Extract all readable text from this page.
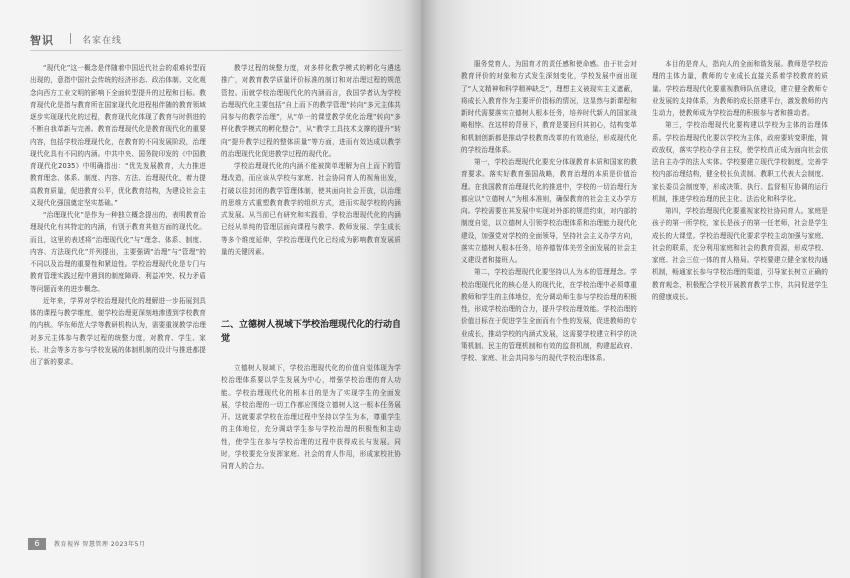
智识	名家在线

“现代化”这一概念是伴随着中国近代社会的艰难转型而出现的，意指中国社会传统的经济形态、政治体制、文化观念向西方工业文明的影响下全面转型提升的过程和目标。教育现代化是指与教育所在国家现代化进程相伴随的教育领域逐步实现现代化的过程，教育现代化体现了教育与时俱进的不断自我革新与完善。教育治理现代化是教育现代化的重要内容，包括学校治理现代化，在教育的不同发展阶段，治理现代化具有不同的内涵。中共中央、国务院印发的《中国教育现代化2035》中明确指出：“优先发展教育，大力推进教育理念、体系、制度、内容、方法、治理现代化，着力提高教育质量，促进教育公平，优化教育结构，为建设社会主义现代化强国奠定坚实基础。”

“治理现代化”是作为一种独立概念提出的，表明教育治理现代化有其特定的内涵，有别于教育其他方面的现代化。而且，这里的表述将“治理现代化”与“理念、体系、制度、内容、方法现代化”并列提出，主要强调“治理”与“管理”的不同以及治理的重要性和紧迫性。学校治理现代化是专门与教育管理实践过程中遇到的制度障碍、利益冲突、权力矛盾等问题而来的进步概念。

近年来，学界对学校治理现代化的理解进一步拓展到具体的课程与教学维度，便学校治理更深刻地渗透到学校教育的内核。华东师范大学等教研机构认为，需要重视教学治理对多元主体参与教学过程的统整力度，对教育、学生、家长、社会等多方参与学校发展的体制机制的设计与推进都提出了新的要求。

教学过程的统整力度，对多样化教学模式的孵化与遴选推广，对教育教学质量评价标准的制订和对治理过程的规范管控。而就学校治理现代化的内涵而言，我国学者认为学校治理现代化主要包括“自上而下的教学管理”转向“多元主体共同参与的教学治理”，从“单一的课堂教学优化治理”转向“多样化教学模式的孵化整合”，从“教学工具技术支撑的提升”转向“提升教学过程的整体质量”等方面，进而有效达成以教学的治理现代化促进教学过程的现代化。

学校治理现代化的内涵不能被简单理解为自上而下的管理改造，而应该从学校与家庭、社会协同育人的视角出发，打破以往封闭的教学管理体制，使其面向社会开放，以治理的思维方式重塑教育教学的组织方式，进而实现学校的内涵式发展。从当前已有研究和实践看，学校治理现代化的内涵已经从单纯的管理层面向课程与教学、教师发展、学生成长等多个维度延伸，学校治理现代化已经成为影响教育发展质量的关键因素。

二、立德树人视域下学校治理现代化的行动自觉

立德树人视域下，学校治理现代化的价值自觉体现为学校治理体系要以学生发展为中心，增强学校治理的育人功能。学校治理现代化的根本目的是为了实现学生的全面发展，学校治理的一切工作都应围绕立德树人这一根本任务展开。这就要求学校在治理过程中坚持以学生为本，尊重学生的主体地位，充分调动学生参与学校治理的积极性和主动性，使学生在参与学校治理的过程中获得成长与发展。同时，学校要充分发挥家庭、社会的育人作用，形成家校社协同育人的合力。

6	教育视界 智慧管理 2023年5月

服务党育人、为国育才的责任感和使命感。由于社会对教育评价的对象和方式发生深刻变化，学校发展中面出现了“人文精神和科学精神缺乏”，理想主义被现实主义遮蔽，将成长入教育作为主要评价指标的情况，这显然与新课程和新时代需要落实立德树人根本任务，培养时代新人的国家战略相悖。在这样的背景下，教育是要回归其初心，结构变革和机制创新都是推动学校教育改革的有效途径，形成现代化的学校治理体系。

第一，学校治理现代化要充分体现教育本质和国家的教育要求。落实好教育强国战略，教育治理的本质是价值治理。在我国教育治理现代化的推进中，学校的一切治理行为都应以“立德树人”为根本准则，确保教育的社会主义办学方向。学校需要在其发展中实现对外部的规范约束，对内部的制度自觉，以立德树人引领学校治理体系和治理能力现代化建设，加强党对学校的全面领导，坚持社会主义办学方向，落实立德树人根本任务，培养德智体美劳全面发展的社会主义建设者和接班人。

第二，学校治理现代化要坚持以人为本的管理理念。学校治理现代化的核心是人的现代化，在学校治理中必须尊重教师和学生的主体地位，充分调动师生参与学校治理的积极性，形成学校治理的合力，提升学校治理效能。学校治理的价值目标在于促进学生全面而有个性的发展，促进教师的专业成长，推动学校的内涵式发展，这需要学校建立科学的决策机制、民主的管理机制和有效的监督机制，构建起政府、学校、家庭、社会共同参与的现代学校治理体系。

本目的是育人，指向人的全面和谐发展。教师是学校治理的主体力量，教师的专业成长直接关系着学校教育的质量。学校治理现代化要重视教师队伍建设，建立健全教师专业发展的支持体系，为教师的成长搭建平台，激发教师的内生动力，使教师成为学校治理的积极参与者和推动者。

第三，学校治理现代化要构建以学校为主体的治理体系。学校治理现代化要以学校为主体，政府要转变职能，简政放权，落实学校办学自主权，使学校真正成为面向社会依法自主办学的法人实体。学校要建立现代学校制度，完善学校内部治理结构，健全校长负责制、教职工代表大会制度、家长委员会制度等，形成决策、执行、监督相互协调的运行机制，推进学校治理的民主化、法治化和科学化。

第四，学校治理现代化要重视家校社协同育人。家庭是孩子的第一所学校，家长是孩子的第一任老师，社会是学生成长的大课堂。学校治理现代化要求学校主动加强与家庭、社会的联系，充分利用家庭和社会的教育资源，形成学校、家庭、社会三位一体的育人格局。学校要建立健全家校沟通机制，畅通家长参与学校治理的渠道，引导家长树立正确的教育观念，积极配合学校开展教育教学工作，共同促进学生的健康成长。
